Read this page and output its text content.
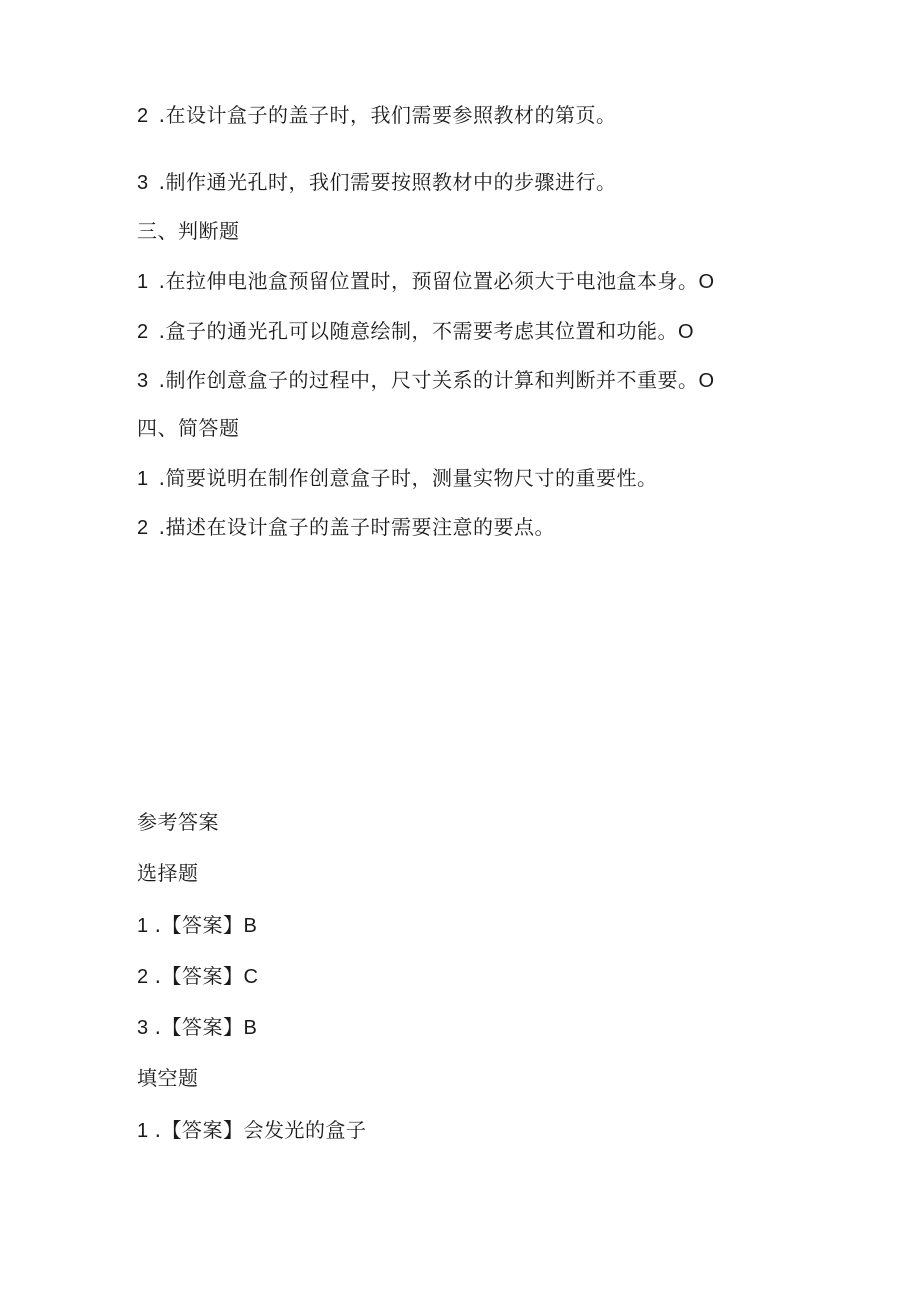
2 .在设计盒子的盖子时，我们需要参照教材的第页。
3 .制作通光孔时，我们需要按照教材中的步骤进行。
三、判断题
1 .在拉伸电池盒预留位置时，预留位置必须大于电池盒本身。O
2 .盒子的通光孔可以随意绘制，不需要考虑其位置和功能。O
3 .制作创意盒子的过程中，尺寸关系的计算和判断并不重要。O
四、简答题
1 .简要说明在制作创意盒子时，测量实物尺寸的重要性。
2 .描述在设计盒子的盖子时需要注意的要点。
参考答案
选择题
1 .【答案】B
2 .【答案】C
3 .【答案】B
填空题
1 .【答案】会发光的盒子
